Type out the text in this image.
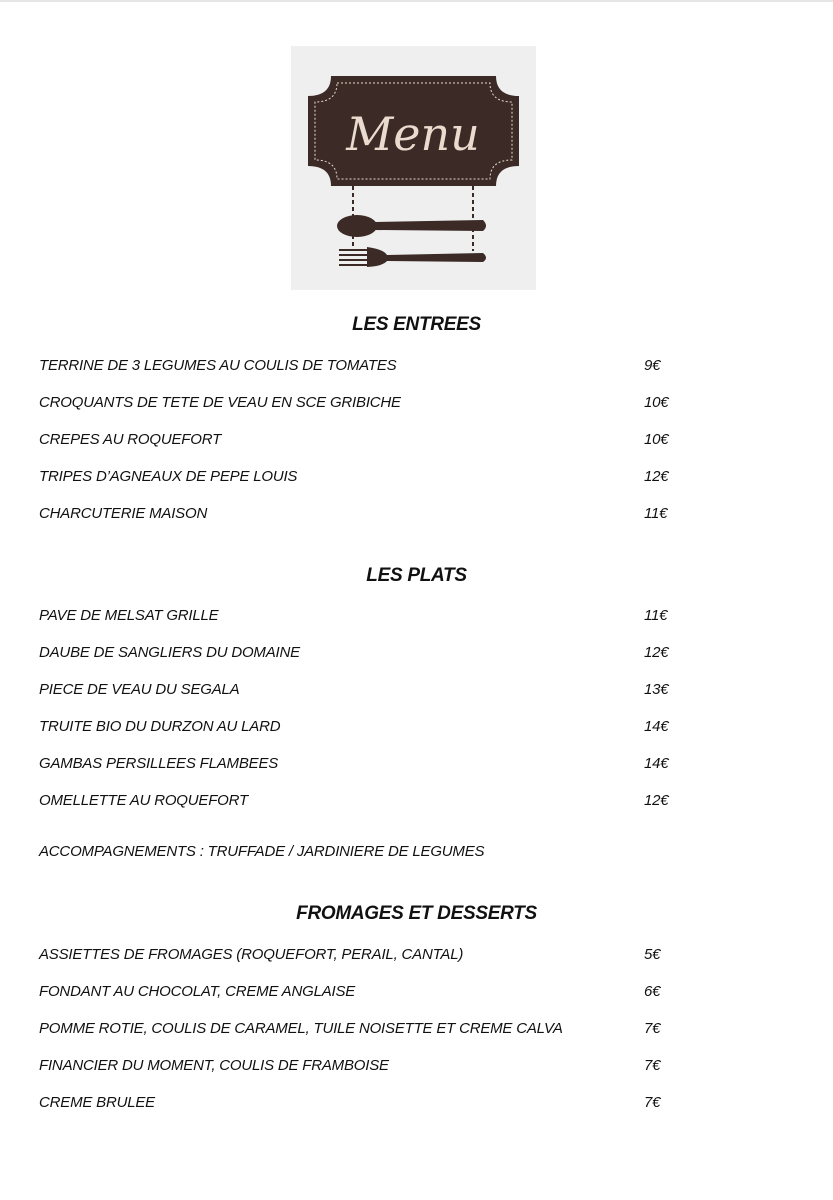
Menu
LES ENTREES
TERRINE DE 3 LEGUMES AU COULIS DE TOMATES	9€
CROQUANTS DE TETE DE VEAU EN SCE GRIBICHE	10€
CREPES AU ROQUEFORT	10€
TRIPES D’AGNEAUX DE PEPE LOUIS	12€
CHARCUTERIE MAISON	11€
LES PLATS
PAVE DE MELSAT GRILLE	11€
DAUBE DE SANGLIERS DU DOMAINE	12€
PIECE DE VEAU DU SEGALA	13€
TRUITE BIO DU DURZON AU LARD	14€
GAMBAS PERSILLEES FLAMBEES	14€
OMELLETTE AU ROQUEFORT	12€
ACCOMPAGNEMENTS : TRUFFADE / JARDINIERE DE LEGUMES
FROMAGES ET DESSERTS
ASSIETTES DE FROMAGES (ROQUEFORT, PERAIL, CANTAL)	5€
FONDANT AU CHOCOLAT, CREME ANGLAISE	6€
POMME ROTIE, COULIS DE CARAMEL, TUILE NOISETTE ET CREME CALVA	7€
FINANCIER DU MOMENT, COULIS DE FRAMBOISE	7€
CREME BRULEE	7€
